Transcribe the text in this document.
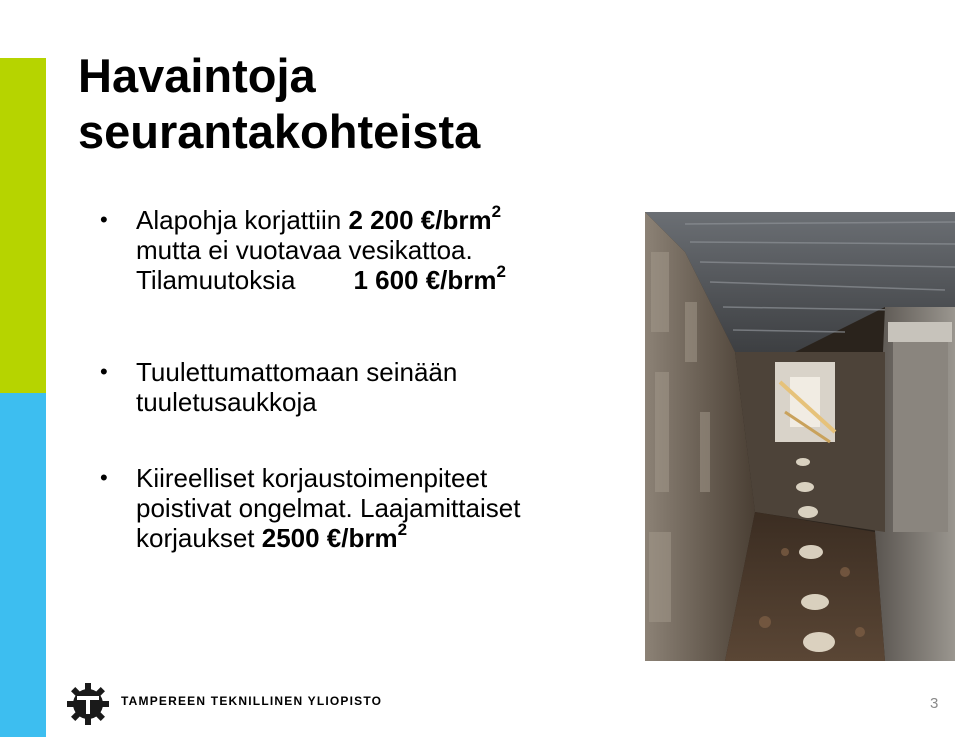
Havaintoja
seurantakohteista
• Alapohja korjattiin 2 200 €/brm$^2$
mutta ei vuotavaa vesikattoa.
Tilamuutoksia 1 600 €/brm$^2$
• Tuulettumattomaan seinään
tuuletusaukkoja
• Kiireelliset korjaustoimenpiteet
poistivat ongelmat. Laajamittaiset
korjaukset 2500 €/brm$^2$
TAMPEREEN TEKNILLINEN YLIOPISTO	3
